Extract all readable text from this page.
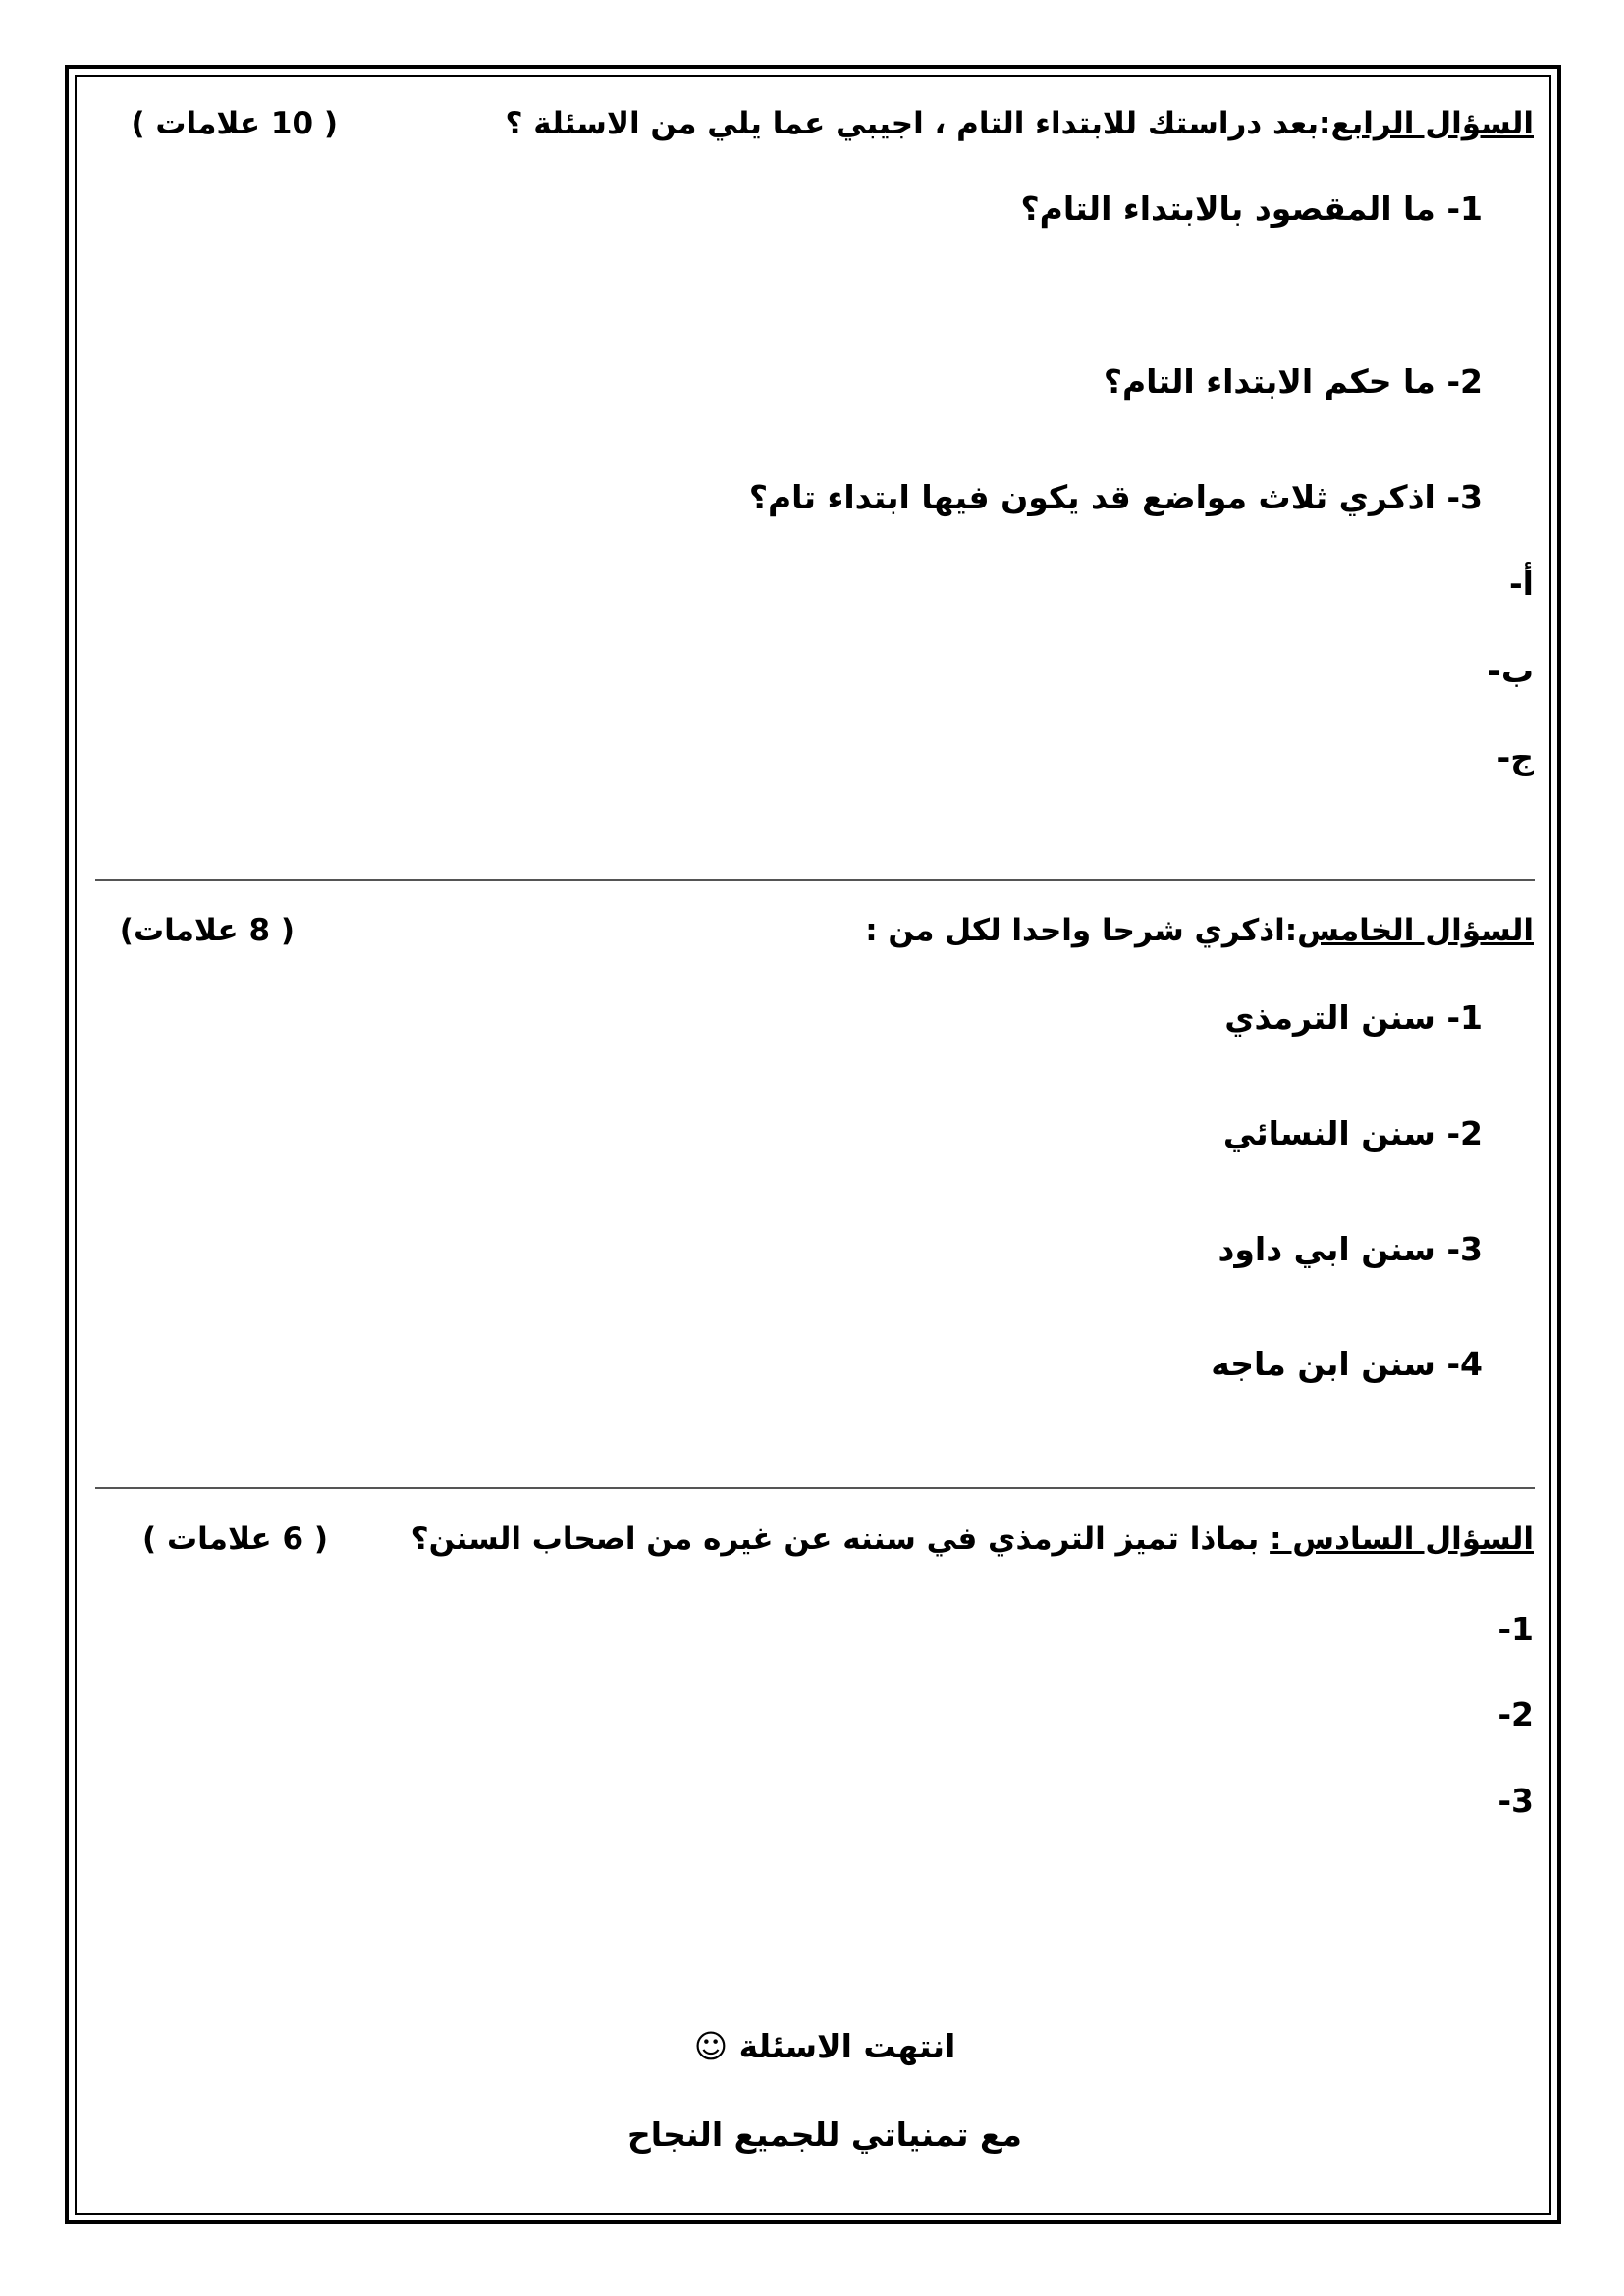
السؤال الرابع:بعد دراستك للابتداء التام ، اجيبي عما يلي من الاسئلة ؟
( 10 علامات )
1- ما المقصود بالابتداء التام؟
2- ما حكم الابتداء التام؟
3- اذكري ثلاث مواضع قد يكون فيها ابتداء تام؟
أ-
ب-
ج-
السؤال الخامس:اذكري شرحا واحدا لكل من :
( 8 علامات)
1- سنن الترمذي
2- سنن النسائي
3- سنن ابي داود
4- سنن ابن ماجه
السؤال السادس : بماذا تميز الترمذي في سننه عن غيره من اصحاب السنن؟
( 6 علامات )
-1
-2
-3
انتهت الاسئلة ☺
مع تمنياتي للجميع النجاح
